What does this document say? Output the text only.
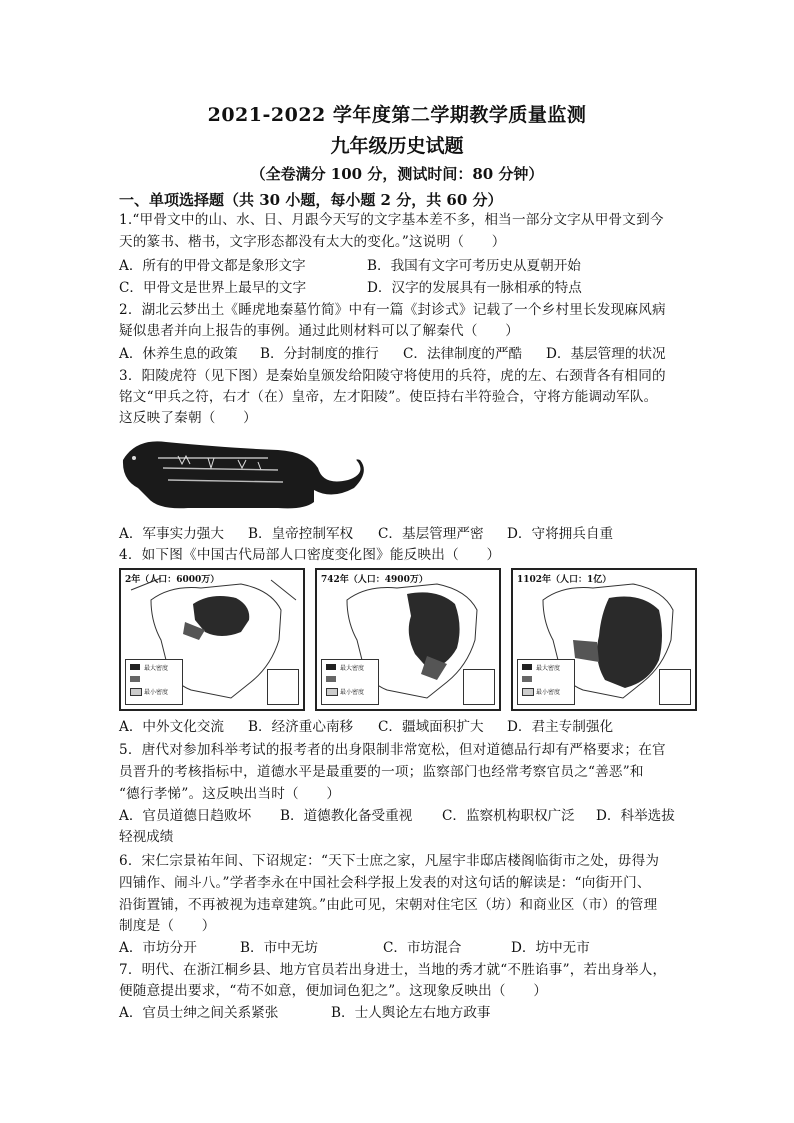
2021-2022 学年度第二学期教学质量监测
九年级历史试题
（全卷满分 100 分，测试时间：80 分钟）
一、单项选择题（共 30 小题，每小题 2 分，共 60 分）
1.“甲骨文中的山、水、日、月跟今天写的文字基本差不多，相当一部分文字从甲骨文到今
天的篆书、楷书，文字形态都没有太大的变化。”这说明（　　）
A．所有的甲骨文都是象形文字	B．我国有文字可考历史从夏朝开始
C．甲骨文是世界上最早的文字	D．汉字的发展具有一脉相承的特点
2．湖北云梦出土《睡虎地秦墓竹简》中有一篇《封诊式》记载了一个乡村里长发现麻风病
疑似患者并向上报告的事例。通过此则材料可以了解秦代（　　）
A．休养生息的政策 B．分封制度的推行 C．法律制度的严酷 D．基层管理的状况
3．阳陵虎符（见下图）是秦始皇颁发给阳陵守将使用的兵符，虎的左、右颈背各有相同的
铭文“甲兵之符，右才（在）皇帝，左才阳陵”。使臣持右半符验合，守将方能调动军队。
这反映了秦朝（　　）
A．军事实力强大 B．皇帝控制军权 C．基层管理严密 D．守将拥兵自重
4．如下图《中国古代局部人口密度变化图》能反映出（　　）
2年（人口：6000万）
最大密度
最小密度
742年（人口：4900万）
最大密度
最小密度
1102年（人口：1亿）
最大密度
最小密度
A．中外文化交流 B．经济重心南移 C．疆域面积扩大 D．君主专制强化
5．唐代对参加科举考试的报考者的出身限制非常宽松，但对道德品行却有严格要求；在官
员晋升的考核指标中，道德水平是最重要的一项；监察部门也经常考察官员之“善恶”和
“德行孝悌”。这反映出当时（　　）
A．官员道德日趋败坏 B．道德教化备受重视 C．监察机构职权广泛 D．科举选拔
轻视成绩
6．宋仁宗景祐年间、下诏规定：“天下士庶之家，凡屋宇非邸店楼阁临街市之处，毋得为
四铺作、闹斗八。”学者李永在中国社会科学报上发表的对这句话的解读是：“向街开门、
沿街置铺，不再被视为违章建筑。”由此可见，宋朝对住宅区（坊）和商业区（市）的管理
制度是（　　）
A．市坊分开	B．市中无坊	C．市坊混合	D．坊中无市
7．明代、在浙江桐乡县、地方官员若出身进士，当地的秀才就“不胜谄事”，若出身举人，
便随意提出要求，“苟不如意，便加词色犯之”。这现象反映出（　　）
A．官员士绅之间关系紧张	B．士人舆论左右地方政事
